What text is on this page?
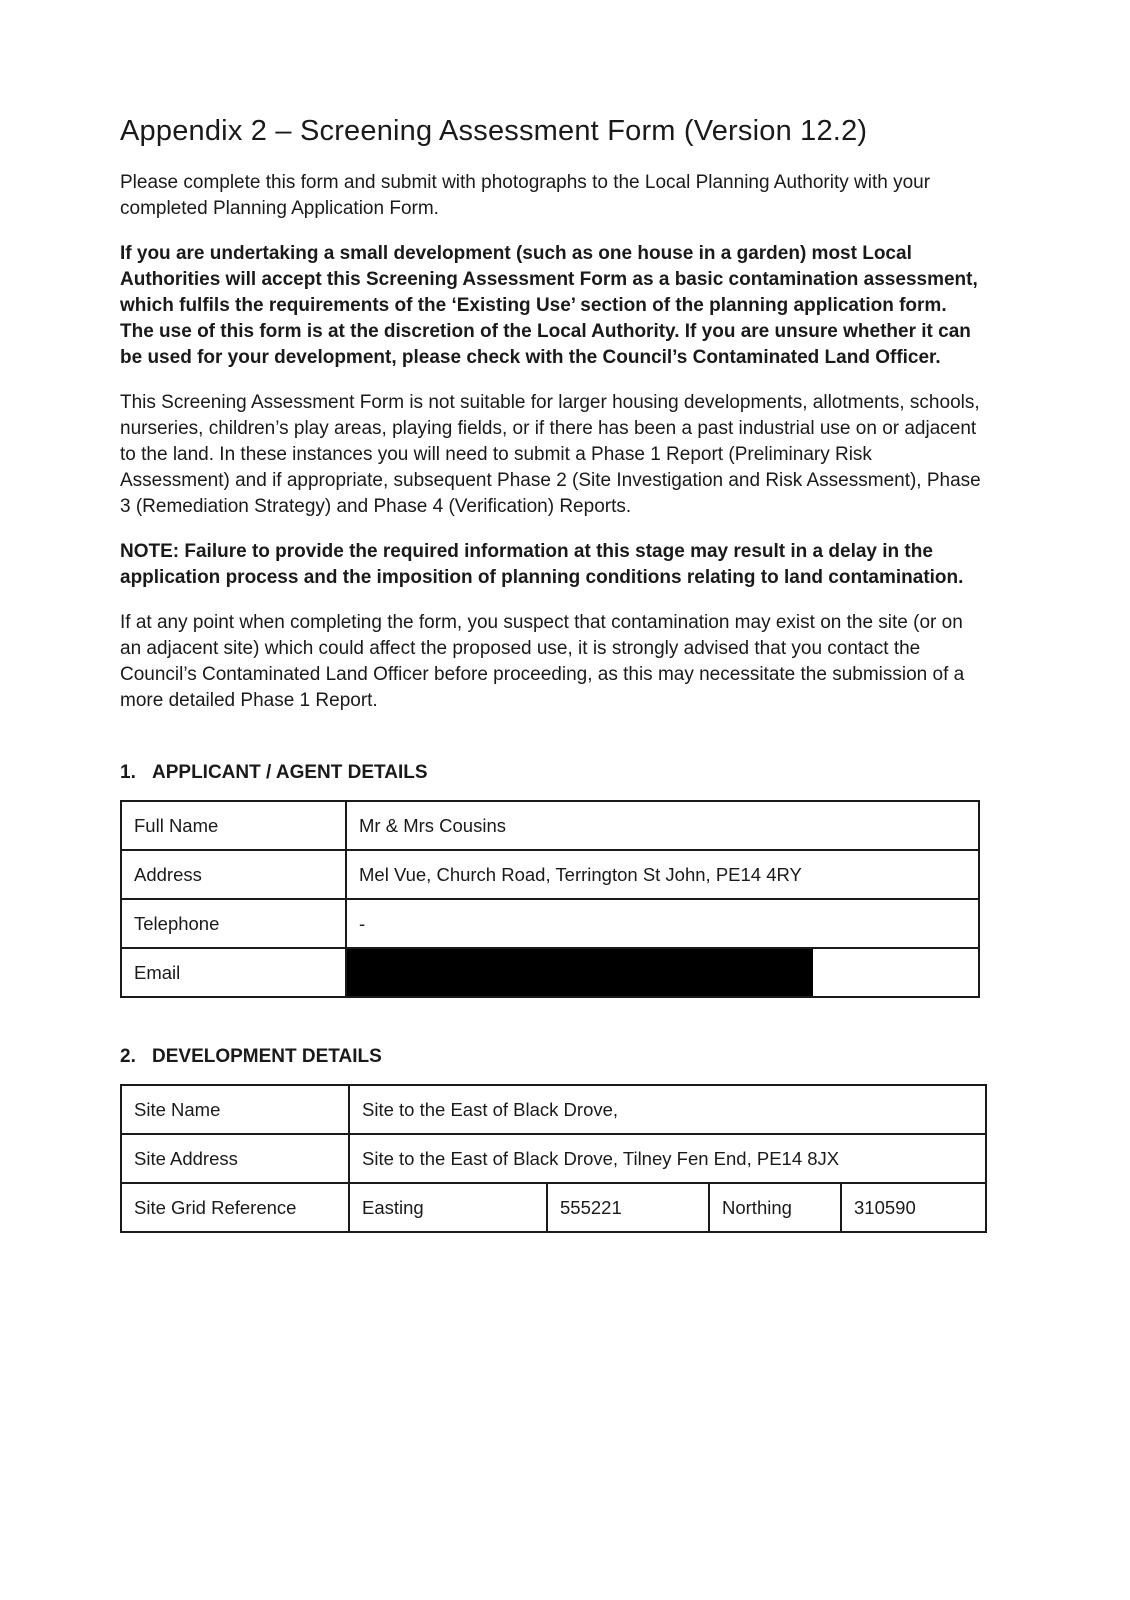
Appendix 2 – Screening Assessment Form (Version 12.2)

Please complete this form and submit with photographs to the Local Planning Authority with your completed Planning Application Form.

If you are undertaking a small development (such as one house in a garden) most Local Authorities will accept this Screening Assessment Form as a basic contamination assessment, which fulfils the requirements of the ‘Existing Use’ section of the planning application form. The use of this form is at the discretion of the Local Authority. If you are unsure whether it can be used for your development, please check with the Council’s Contaminated Land Officer.

This Screening Assessment Form is not suitable for larger housing developments, allotments, schools, nurseries, children’s play areas, playing fields, or if there has been a past industrial use on or adjacent to the land. In these instances you will need to submit a Phase 1 Report (Preliminary Risk Assessment) and if appropriate, subsequent Phase 2 (Site Investigation and Risk Assessment), Phase 3 (Remediation Strategy) and Phase 4 (Verification) Reports.

NOTE: Failure to provide the required information at this stage may result in a delay in the application process and the imposition of planning conditions relating to land contamination.

If at any point when completing the form, you suspect that contamination may exist on the site (or on an adjacent site) which could affect the proposed use, it is strongly advised that you contact the Council’s Contaminated Land Officer before proceeding, as this may necessitate the submission of a more detailed Phase 1 Report.

1. APPLICANT / AGENT DETAILS
Full Name	Mr & Mrs Cousins
Address	Mel Vue, Church Road, Terrington St John, PE14 4RY
Telephone	-
Email	
2. DEVELOPMENT DETAILS
Site Name	Site to the East of Black Drove,			
Site Address	Site to the East of Black Drove, Tilney Fen End, PE14 8JX			
Site Grid Reference	Easting	555221	Northing	310590
